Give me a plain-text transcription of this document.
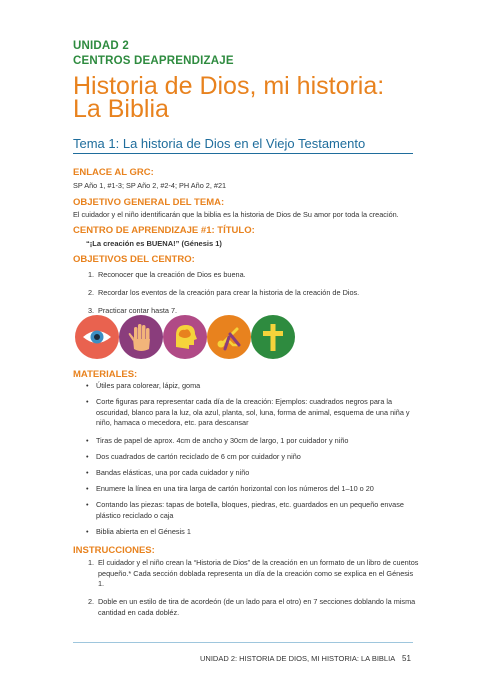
UNIDAD 2
CENTROS DEAPRENDIZAJE
Historia de Dios, mi historia:
La Biblia
Tema 1: La historia de Dios en el Viejo Testamento
ENLACE AL GRC:
SP Año 1, #1-3; SP Año 2, #2-4; PH Año 2, #21
OBJETIVO GENERAL DEL TEMA:
El cuidador y el niño identificarán que la biblia es la historia de Dios de Su amor por toda la creación.
CENTRO DE APRENDIZAJE #1: TÍTULO:
“¡La creación es BUENA!” (Génesis 1)
OBJETIVOS DEL CENTRO:
1. Reconocer que la creación de Dios es buena.
2. Recordar los eventos de la creación para crear la historia de la creación de Dios.
3. Practicar contar hasta 7.
MATERIALES:
• Útiles para colorear, lápiz, goma
• Corte figuras para representar cada día de la creación: Ejemplos: cuadrados negros para la oscuridad, blanco para la luz, ola azul, planta, sol, luna, forma de animal, esquema de una niña y niño, hamaca o mecedora, etc. para descansar
• Tiras de papel de aprox. 4cm de ancho y 30cm de largo, 1 por cuidador y niño
• Dos cuadrados de cartón reciclado de 6 cm por cuidador y niño
• Bandas elásticas, una por cada cuidador y niño
• Enumere la línea en una tira larga de cartón horizontal con los números del 1–10 o 20
• Contando las piezas: tapas de botella, bloques, piedras, etc. guardados en un pequeño envase plástico reciclado o caja
• Biblia abierta en el Génesis 1
INSTRUCCIONES:
1. El cuidador y el niño crean la “Historia de Dios” de la creación en un formato de un libro de cuentos pequeño.* Cada sección doblada representa un día de la creación como se explica en el Génesis 1.
2. Doble en un estilo de tira de acordeón (de un lado para el otro) en 7 secciones doblando la misma cantidad en cada dobléz.
UNIDAD 2: HISTORIA DE DIOS, MI HISTORIA: LA BIBLIA 51
